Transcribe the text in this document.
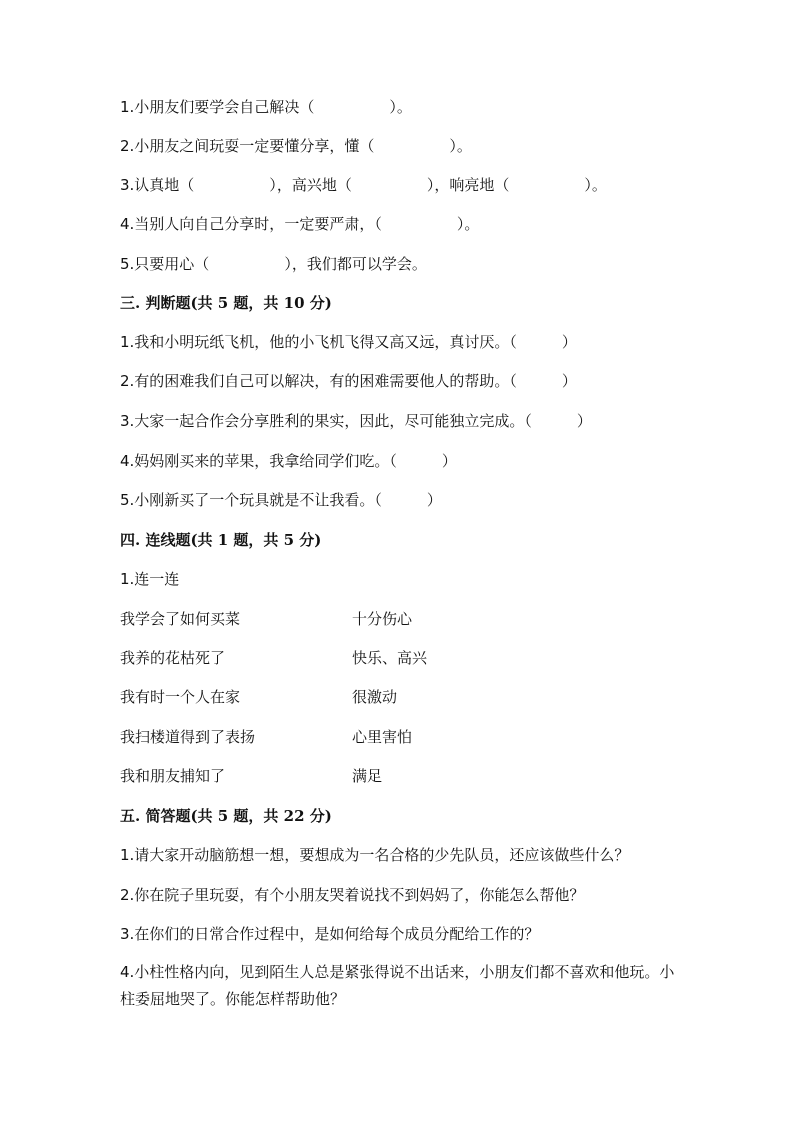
1.小朋友们要学会自己解决（　　　　　）。
2.小朋友之间玩耍一定要懂分享，懂（　　　　　）。
3.认真地（　　　　　），高兴地（　　　　　），响亮地（　　　　　）。
4.当别人向自己分享时，一定要严肃，（　　　　　）。
5.只要用心（　　　　　），我们都可以学会。
三. 判断题(共 5 题，共 10 分)
1.我和小明玩纸飞机，他的小飞机飞得又高又远，真讨厌。（　　　）
2.有的困难我们自己可以解决，有的困难需要他人的帮助。（　　　）
3.大家一起合作会分享胜利的果实，因此，尽可能独立完成。（　　　）
4.妈妈刚买来的苹果，我拿给同学们吃。（　　　）
5.小刚新买了一个玩具就是不让我看。（　　　）
四. 连线题(共 1 题，共 5 分)
1.连一连
我学会了如何买菜	十分伤心
我养的花枯死了	快乐、高兴
我有时一个人在家	很激动
我扫楼道得到了表扬	心里害怕
我和朋友捕知了	满足
五. 简答题(共 5 题，共 22 分)
1.请大家开动脑筋想一想，要想成为一名合格的少先队员，还应该做些什么？
2.你在院子里玩耍，有个小朋友哭着说找不到妈妈了，你能怎么帮他？
3.在你们的日常合作过程中，是如何给每个成员分配给工作的？
4.小柱性格内向，见到陌生人总是紧张得说不出话来，小朋友们都不喜欢和他玩。小柱委屈地哭了。你能怎样帮助他？
